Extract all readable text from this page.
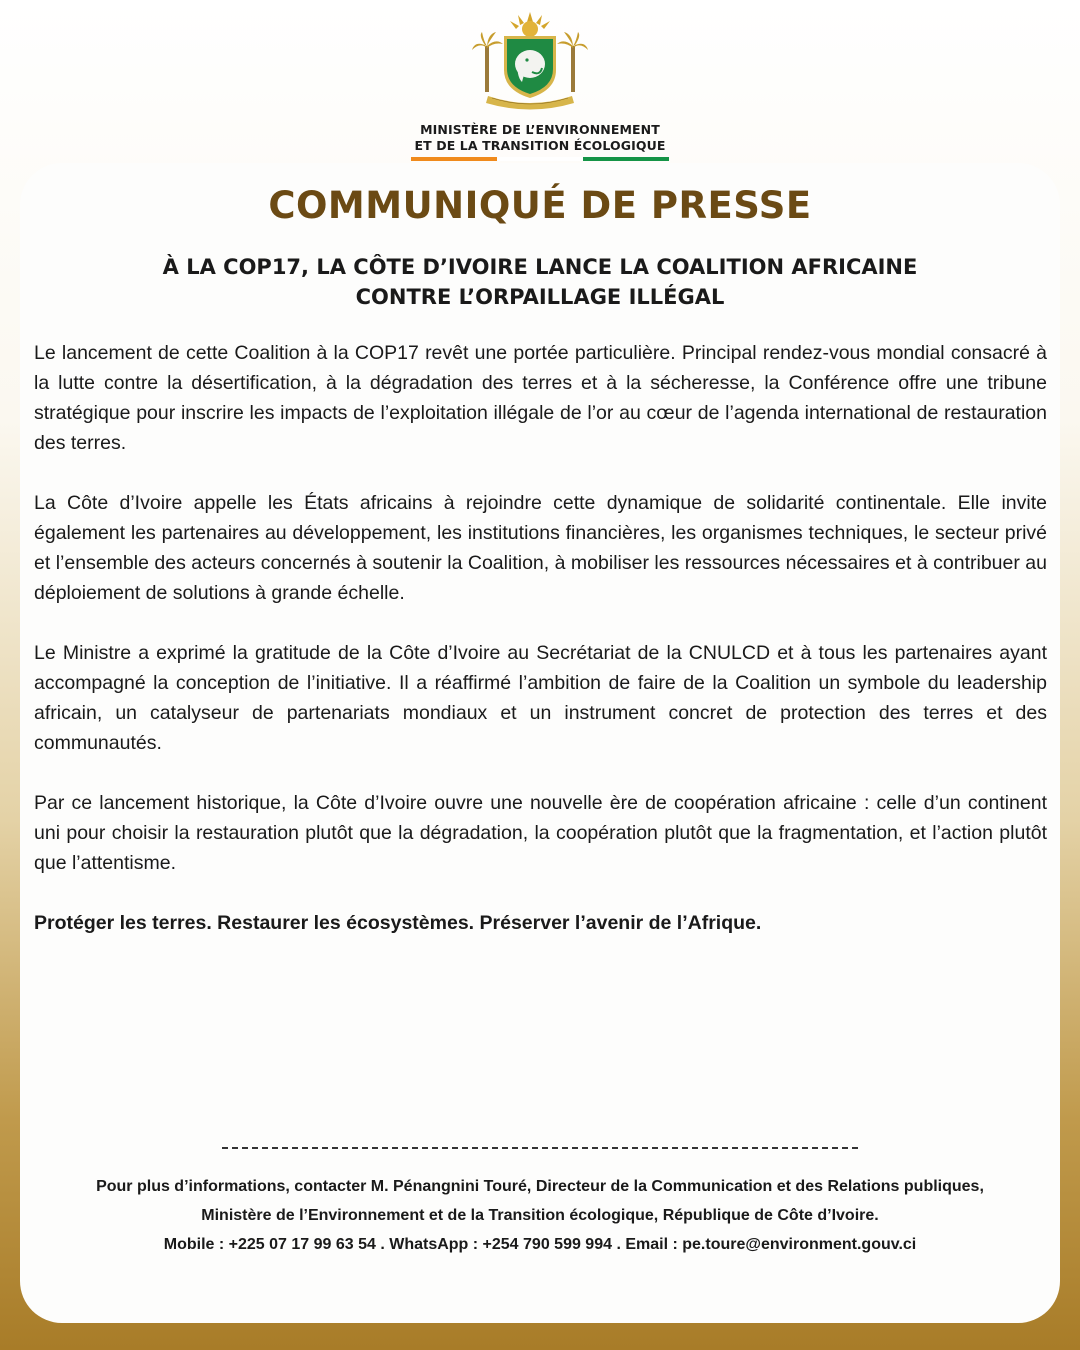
MINISTÈRE DE L’ENVIRONNEMENT
ET DE LA TRANSITION ÉCOLOGIQUE
COMMUNIQUÉ DE PRESSE
À LA COP17, LA CÔTE D’IVOIRE LANCE LA COALITION AFRICAINE
CONTRE L’ORPAILLAGE ILLÉGAL

Le lancement de cette Coalition à la COP17 revêt une portée particulière. Principal rendez-vous mondial consacré à la lutte contre la désertification, à la dégradation des terres et à la sécheresse, la Conférence offre une tribune stratégique pour inscrire les impacts de l’exploitation illégale de l’or au cœur de l’agenda international de restauration des terres.

La Côte d’Ivoire appelle les États africains à rejoindre cette dynamique de solidarité continentale. Elle invite également les partenaires au développement, les institutions financières, les organismes techniques, le secteur privé et l’ensemble des acteurs concernés à soutenir la Coalition, à mobiliser les ressources nécessaires et à contribuer au déploiement de solutions à grande échelle.

Le Ministre a exprimé la gratitude de la Côte d’Ivoire au Secrétariat de la CNULCD et à tous les partenaires ayant accompagné la conception de l’initiative. Il a réaffirmé l’ambition de faire de la Coalition un symbole du leadership africain, un catalyseur de partenariats mondiaux et un instrument concret de protection des terres et des communautés.

Par ce lancement historique, la Côte d’Ivoire ouvre une nouvelle ère de coopération africaine : celle d’un continent uni pour choisir la restauration plutôt que la dégradation, la coopération plutôt que la fragmentation, et l’action plutôt que l’attentisme.

Protéger les terres. Restaurer les écosystèmes. Préserver l’avenir de l’Afrique.

Pour plus d’informations, contacter M. Pénangnini Touré, Directeur de la Communication et des Relations publiques,
Ministère de l’Environnement et de la Transition écologique, République de Côte d’Ivoire.
Mobile : +225 07 17 99 63 54 . WhatsApp : +254 790 599 994 . Email : pe.toure@environment.gouv.ci
